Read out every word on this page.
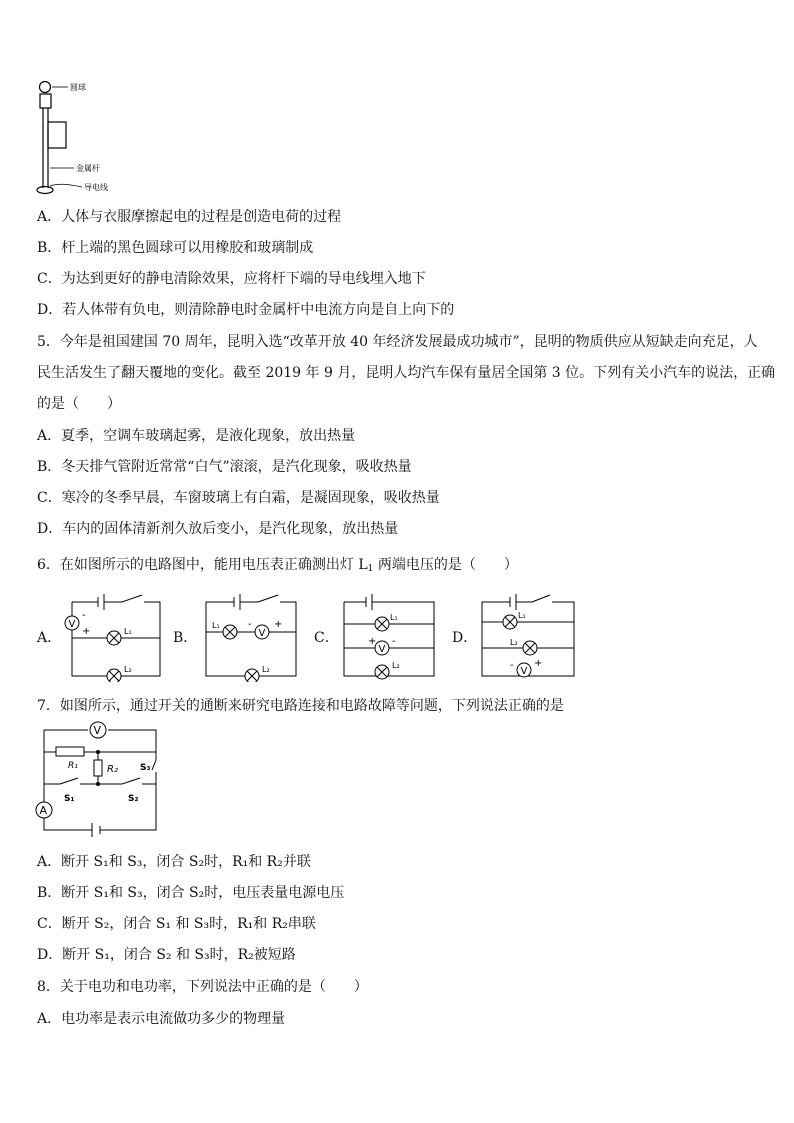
圆球
金属杆
导电线
A．人体与衣服摩擦起电的过程是创造电荷的过程
B．杆上端的黑色圆球可以用橡胶和玻璃制成
C．为达到更好的静电清除效果，应将杆下端的导电线埋入地下
D．若人体带有负电，则清除静电时金属杆中电流方向是自上向下的
5．今年是祖国建国 70 周年，昆明入选“改革开放 40 年经济发展最成功城市”，昆明的物质供应从短缺走向充足，人
民生活发生了翻天覆地的变化。截至 2019 年 9 月，昆明人均汽车保有量居全国第 3 位。下列有关小汽车的说法，正确
的是（　　）
A．夏季，空调车玻璃起雾，是液化现象，放出热量
B．冬天排气管附近常常“白气”滚滚，是汽化现象，吸收热量
C．寒冷的冬季早晨，车窗玻璃上有白霜，是凝固现象，吸收热量
D．车内的固体清新剂久放后变小，是汽化现象，放出热量
6．在如图所示的电路图中，能用电压表正确测出灯 $L_1$ 两端电压的是（　　）
A．	B．	C．	D．
V
-
+	L₁
L₂
L₁
V
- +
L₂
L₁
V
+ -
L₂
L₁
L₂
V
- +
7．如图所示，通过开关的通断来研究电路连接和电路故障等问题，下列说法正确的是
V
A
R₁	R₂ S₃
S₁	S₂
A．断开 S₁和 S₃，闭合 S₂时，R₁和 R₂并联
B．断开 S₁和 S₃，闭合 S₂时，电压表量电源电压
C．断开 S₂，闭合 S₁ 和 S₃时，R₁和 R₂串联
D．断开 S₁，闭合 S₂ 和 S₃时，R₂被短路
8．关于电功和电功率，下列说法中正确的是（　　）
A．电功率是表示电流做功多少的物理量
